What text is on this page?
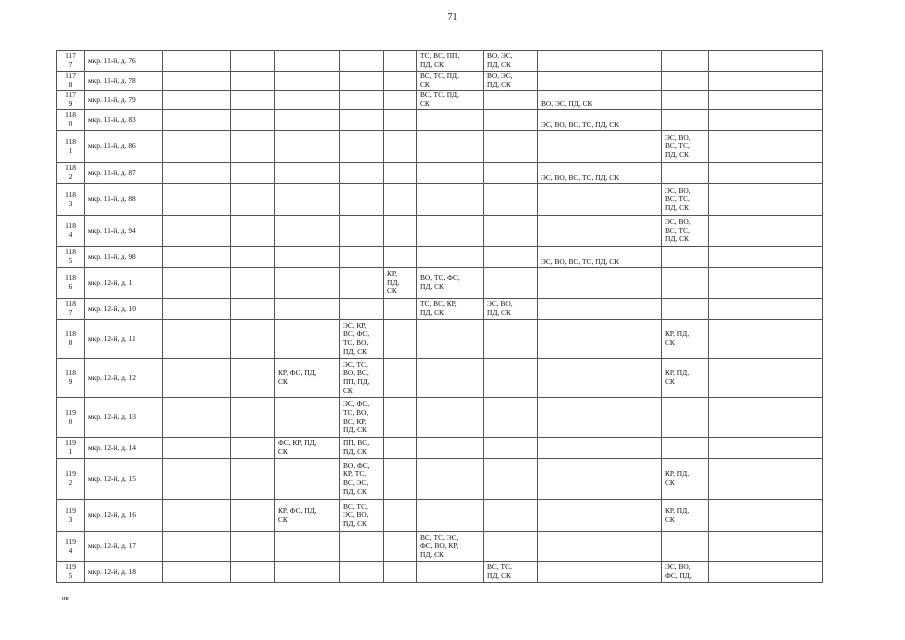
71
117
7	мкр. 11-й, д. 76						ТС, ВС, ПП,
ПД, СК	ВО, ЭС,
ПД, СК			
117
8	мкр. 11-й, д. 78						ВС, ТС, ПД,
СК	ВО, ЭС,
ПД, СК			
117
9	мкр. 11-й, д. 79						ВС, ТС, ПД,
СК		ВО, ЭС, ПД, СК		
118
0	мкр. 11-й, д. 83								ЭС, ВО, ВС, ТС, ПД, СК		
118
1	мкр. 11-й, д. 86									ЭС, ВО,
ВС, ТС,
ПД, СК	
118
2	мкр. 11-й, д. 87								ЭС, ВО, ВС, ТС, ПД, СК		
118
3	мкр. 11-й, д. 88									ЭС, ВО,
ВС, ТС,
ПД, СК	
118
4	мкр. 11-й, д. 94									ЭС, ВО,
ВС, ТС,
ПД, СК	
118
5	мкр. 11-й, д. 98								ЭС, ВО, ВС, ТС, ПД, СК		
118
6	мкр. 12-й, д. 1					КР,
ПД,
СК	ВО, ТС, ФС,
ПД, СК				
118
7	мкр. 12-й, д. 10						ТС, ВС, КР,
ПД, СК	ЭС, ВО,
ПД, СК			
118
8	мкр. 12-й, д. 11				ЭС, КР,
ВС, ФС,
ТС, ВО,
ПД, СК					КР, ПД,
СК	
118
9	мкр. 12-й, д. 12			КР, ФС, ПД,
СК	ЭС, ТС,
ВО, ВС,
ПП, ПД,
СК					КР, ПД,
СК	
119
0	мкр. 12-й, д. 13				ЭС, ФС,
ТС, ВО,
ВС, КР,
ПД, СК						
119
1	мкр. 12-й, д. 14			ФС, КР, ПД,
СК	ПП, ВС,
ПД, СК						
119
2	мкр. 12-й, д. 15				ВО, ФС,
КР, ТС,
ВС, ЭС,
ПД, СК					КР, ПД,
СК	
119
3	мкр. 12-й, д. 16			КР, ФС, ПД,
СК	ВС, ТС,
ЭС, ВО,
ПД, СК					КР, ПД,
СК	
119
4	мкр. 12-й, д. 17						ВС, ТС, ЭС,
ФС, ВО, КР,
ПД, СК				
119
5	мкр. 12-й, д. 18							ВС, ТС,
ПД, СК		ЭС, ВО,
ФС, ПД,	
нв
